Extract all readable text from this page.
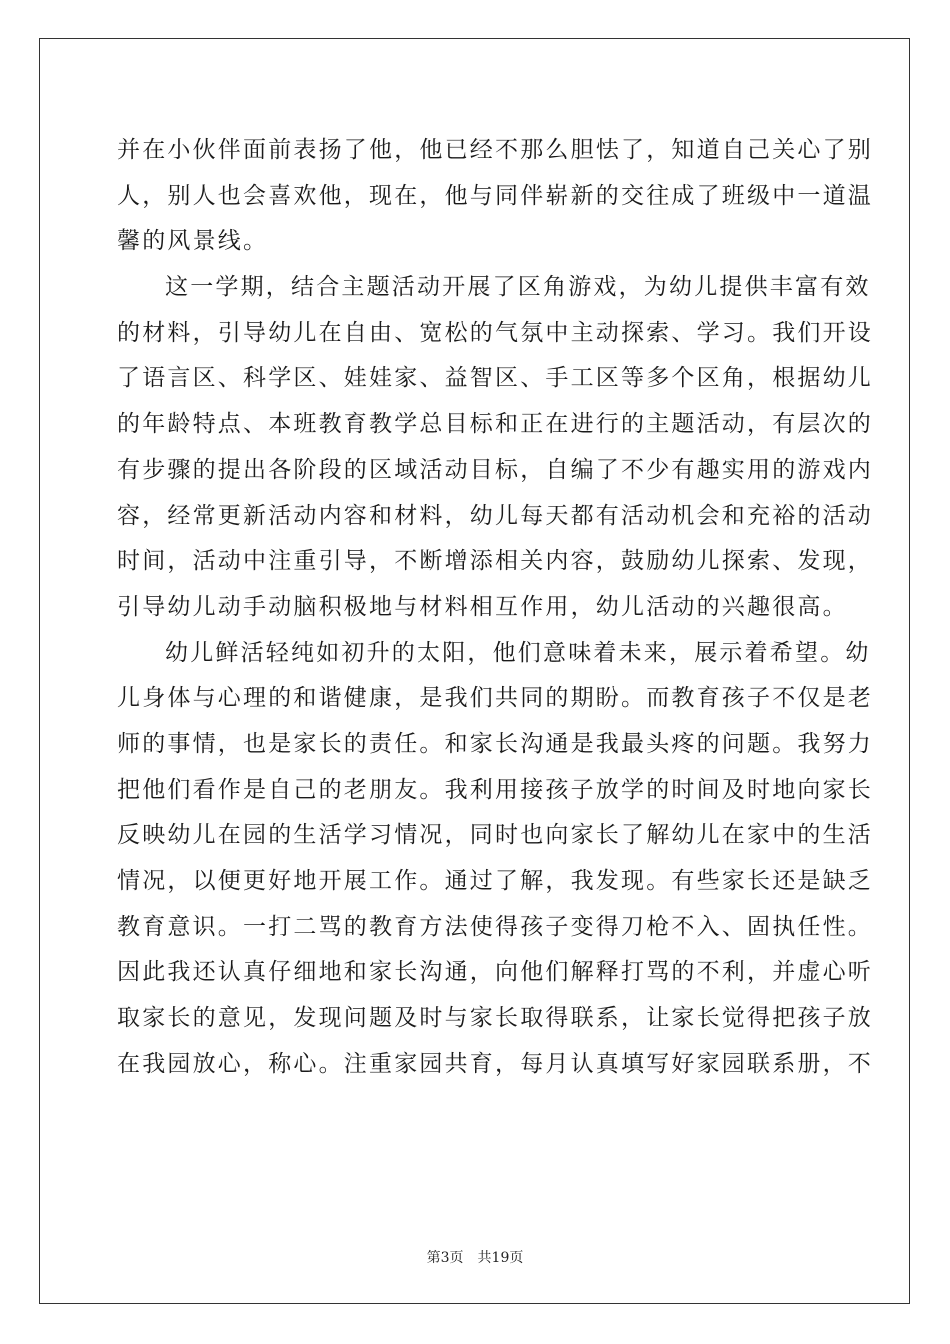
并在小伙伴面前表扬了他，他已经不那么胆怯了，知道自己关心了别
人，别人也会喜欢他，现在，他与同伴崭新的交往成了班级中一道温
馨的风景线。
这一学期，结合主题活动开展了区角游戏，为幼儿提供丰富有效
的材料，引导幼儿在自由、宽松的气氛中主动探索、学习。我们开设
了语言区、科学区、娃娃家、益智区、手工区等多个区角，根据幼儿
的年龄特点、本班教育教学总目标和正在进行的主题活动，有层次的
有步骤的提出各阶段的区域活动目标，自编了不少有趣实用的游戏内
容，经常更新活动内容和材料，幼儿每天都有活动机会和充裕的活动
时间，活动中注重引导，不断增添相关内容，鼓励幼儿探索、发现，
引导幼儿动手动脑积极地与材料相互作用，幼儿活动的兴趣很高。
幼儿鲜活轻纯如初升的太阳，他们意味着未来，展示着希望。幼
儿身体与心理的和谐健康，是我们共同的期盼。而教育孩子不仅是老
师的事情，也是家长的责任。和家长沟通是我最头疼的问题。我努力
把他们看作是自己的老朋友。我利用接孩子放学的时间及时地向家长
反映幼儿在园的生活学习情况，同时也向家长了解幼儿在家中的生活
情况，以便更好地开展工作。通过了解，我发现。有些家长还是缺乏
教育意识。一打二骂的教育方法使得孩子变得刀枪不入、固执任性。
因此我还认真仔细地和家长沟通，向他们解释打骂的不利，并虚心听
取家长的意见，发现问题及时与家长取得联系，让家长觉得把孩子放
在我园放心，称心。注重家园共育，每月认真填写好家园联系册，不
第3页 共19页
